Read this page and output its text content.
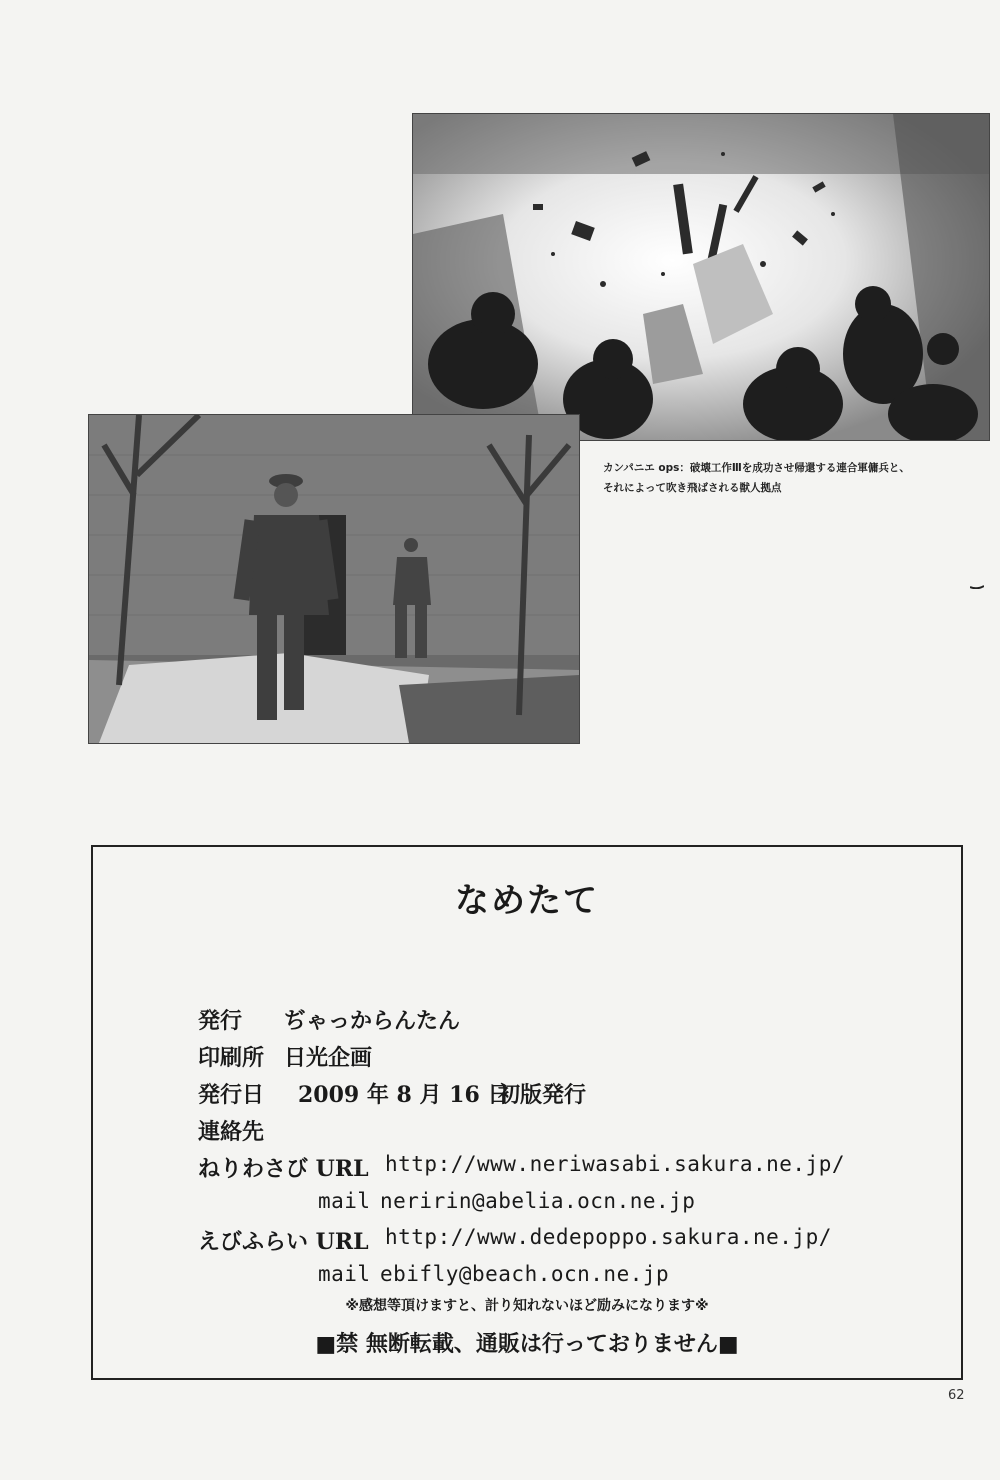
カンパニエ ops：破壊工作Ⅲを成功させ帰還する連合軍傭兵と、
それによって吹き飛ばされる獣人拠点
なめたて
発行 ぢゃっからんたん
印刷所 日光企画
発行日 2009 年 8 月 16 日
初版発行
連絡先
ねりわさび URL http://www.neriwasabi.sakura.ne.jp/
mail neririn@abelia.ocn.ne.jp
えびふらい URL http://www.dedepoppo.sakura.ne.jp/
mail ebifly@beach.ocn.ne.jp
※感想等頂けますと、計り知れないほど励みになります※
■禁 無断転載、通販は行っておりません■
62
